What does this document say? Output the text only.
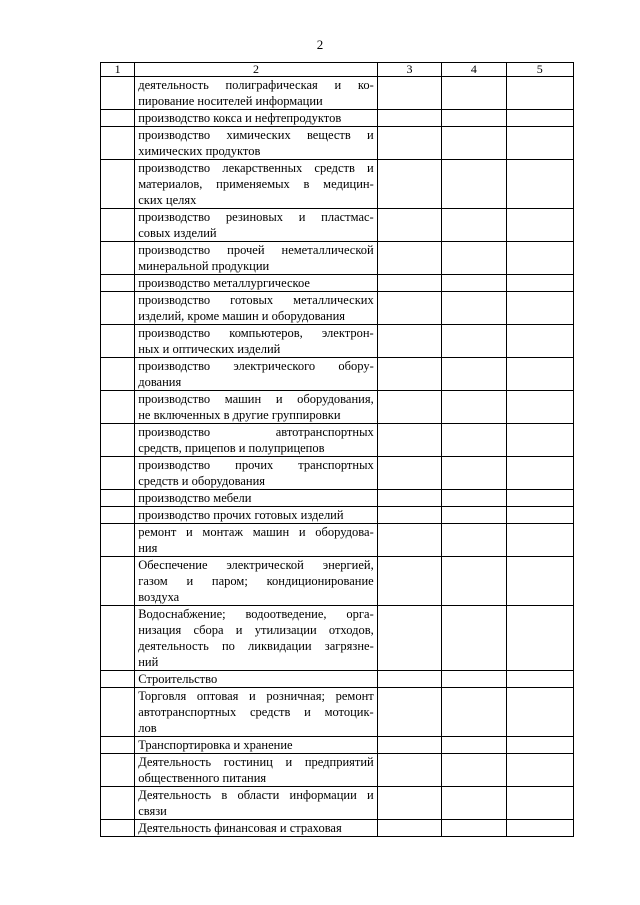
2
1	2	3	4	5

	деятельность полиграфическая и ко-
пирование носителей информации			

	производство кокса и нефтепродуктов			

	производство химических веществ и
химических продуктов			

	производство лекарственных средств и
материалов, применяемых в медицин-
ских целях			

	производство резиновых и пластмас-
совых изделий			

	производство прочей неметаллической
минеральной продукции			

	производство металлургическое			

	производство готовых металлических
изделий, кроме машин и оборудования			

	производство компьютеров, электрон-
ных и оптических изделий			

	производство электрического обору-
дования			

	производство машин и оборудования,
не включенных в другие группировки			

	производство автотранспортных
средств, прицепов и полуприцепов			

	производство прочих транспортных
средств и оборудования			

	производство мебели			

	производство прочих готовых изделий			

	ремонт и монтаж машин и оборудова-
ния			

	Обеспечение электрической энергией,
газом и паром; кондиционирование
воздуха			

	Водоснабжение; водоотведение, орга-
низация сбора и утилизации отходов,
деятельность по ликвидации загрязне-
ний			

	Строительство			

	Торговля оптовая и розничная; ремонт
автотранспортных средств и мотоцик-
лов			

	Транспортировка и хранение			

	Деятельность гостиниц и предприятий
общественного питания			

	Деятельность в области информации и
связи			

	Деятельность финансовая и страховая			
